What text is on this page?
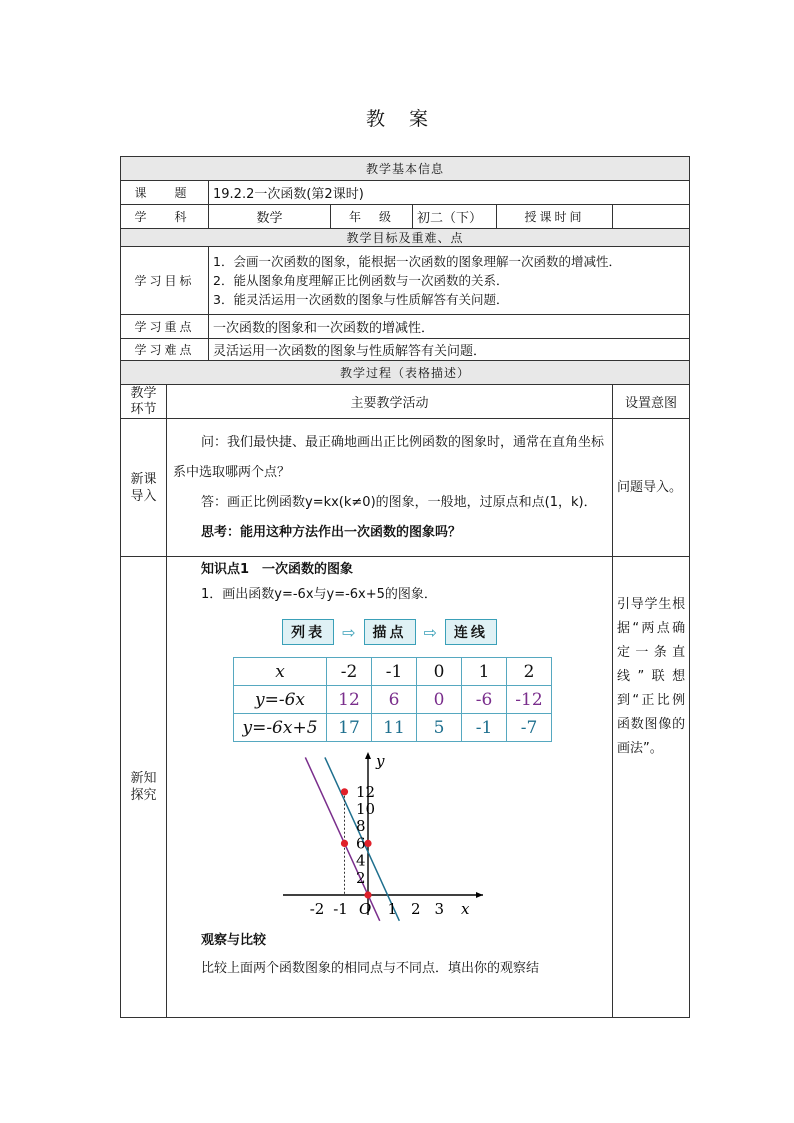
教案
教学基本信息
课　题	19.2.2一次函数(第2课时)
学　科	数学	年　级	初二（下）	授课时间	
教学目标及重难、点
学习目标	
1．会画一次函数的图象，能根据一次函数的图象理解一次函数的增减性．
2．能从图象角度理解正比例函数与一次函数的关系．
3．能灵活运用一次函数的图象与性质解答有关问题．

学习重点	一次函数的图象和一次函数的增减性．
学习难点	灵活运用一次函数的图象与性质解答有关问题．
教学过程（表格描述）
教学环节	主要教学活动	设置意图
新课导入	

问：我们最快捷、最正确地画出正比例函数的图象时，通常在直角坐标系中选取哪两个点？

答：画正比例函数y=kx(k≠0)的图象，一般地，过原点和点(1，k)．

思考：能用这种方法作出一次函数的图象吗？

	问题导入。
新知探究	

知识点1　一次函数的图象

1．画出函数y=-6x与y=-6x+5的图象．

列表	⇨	描点	⇨	连线
x	-2	-1	0	1	2
y=-6x	12	6	0	-6	-12
y=-6x+5	17	11	5	-1	-7
-2 -1 O 1 2 3
2
4
6
8
10
12
x
y

观察与比较

比较上面两个函数图象的相同点与不同点．填出你的观察结

	引导学生根据“两点确定一条直线”联想到“正比例函数图像的画法”。
